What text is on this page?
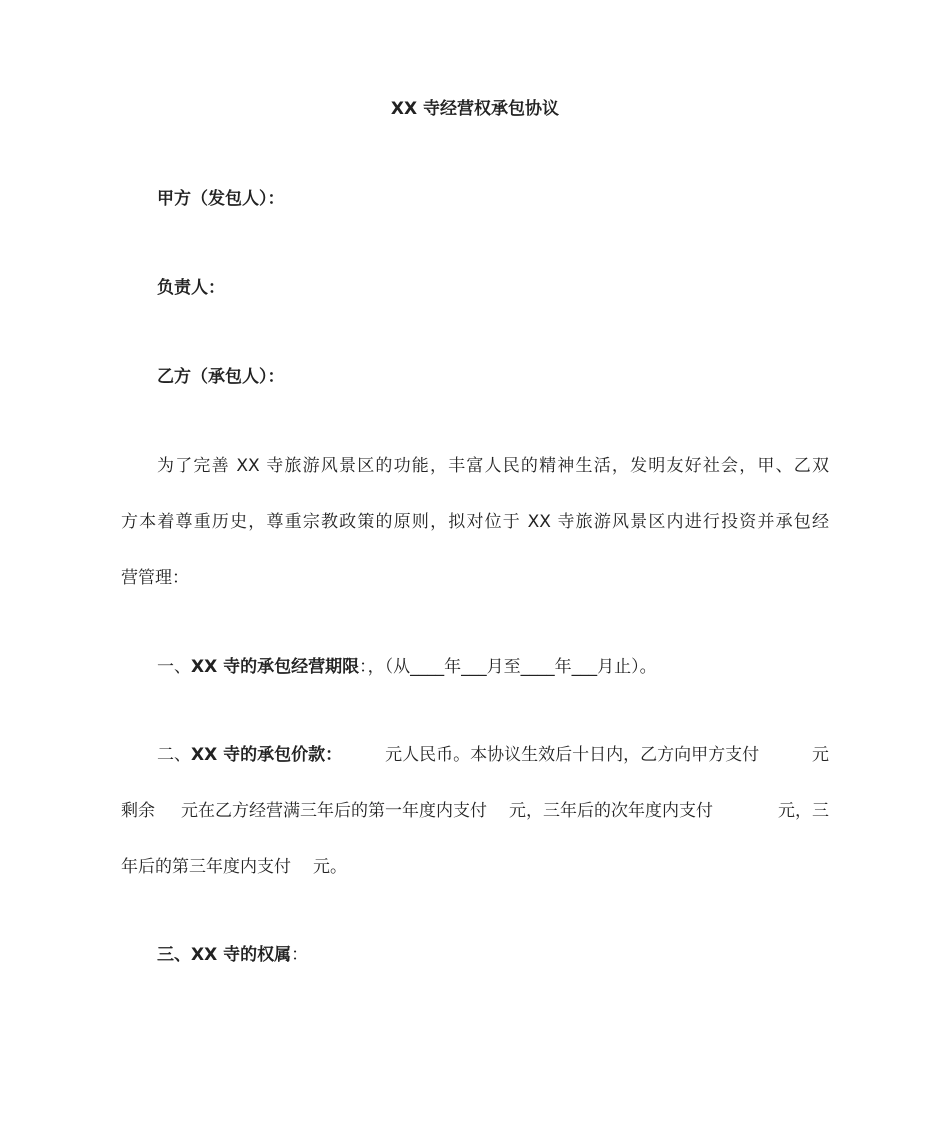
XX 寺经营权承包协议
甲方（发包人）：
负责人：
乙方（承包人）：
为了完善 XX 寺旅游风景区的功能，丰富人民的精神生活，发明友好社会，甲、乙双
方本着尊重历史，尊重宗教政策的原则，拟对位于 XX 寺旅游风景区内进行投资并承包经
营管理：
一、XX 寺的承包经营期限：，（从____年___月至____年___月止）。
二、XX 寺的承包价款：	元人民币。本协议生效后十日内，乙方向甲方支付	元
剩余 元在乙方经营满三年后的第一年度内支付 元，三年后的次年度内支付	元，三
年后的第三年度内支付 元。
三、XX 寺的权属：
